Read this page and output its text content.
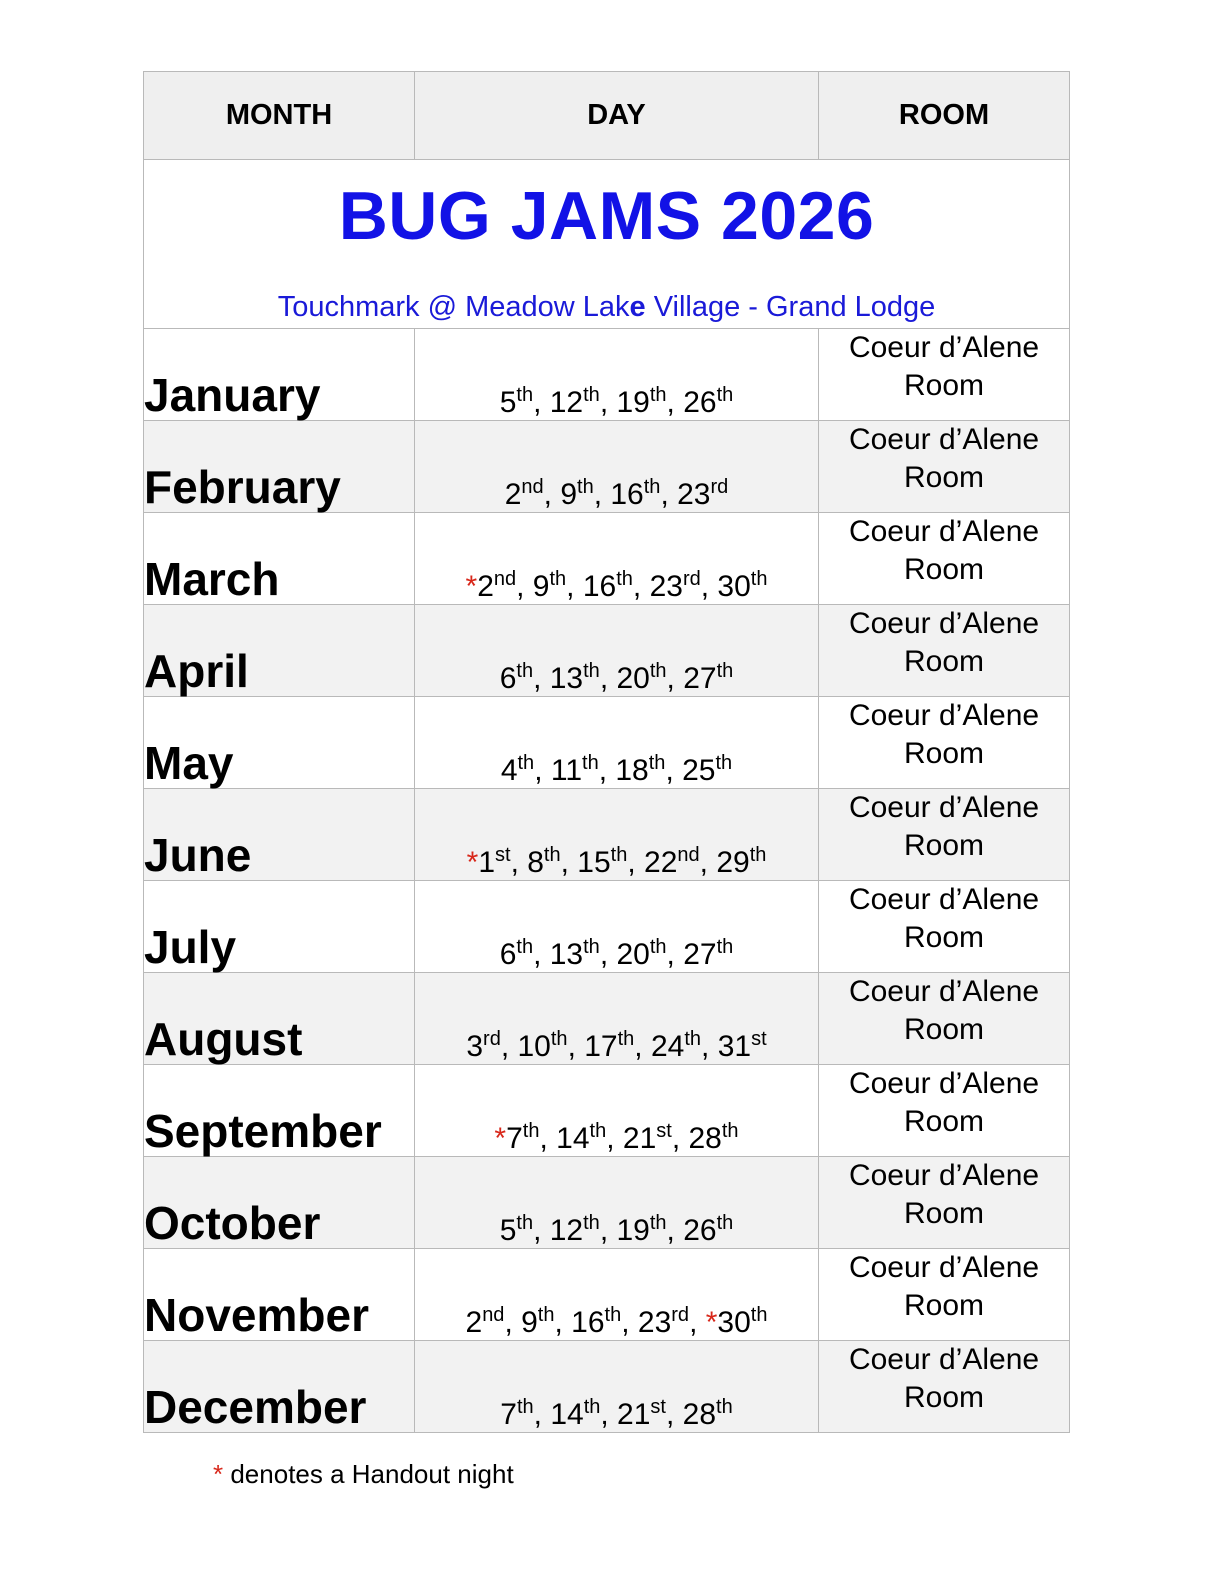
BUG JAMS 2026
Touchmark @ Meadow Lake Village - Grand Lodge		

MONTH	DAY	ROOM
January	5th, 12th, 19th, 26th	Coeur d’Alene
Room

February	2nd, 9th, 16th, 23rd	Coeur d’Alene
Room

March	*2nd, 9th, 16th, 23rd, 30th	Coeur d’Alene
Room

April	6th, 13th, 20th, 27th	Coeur d’Alene
Room

May	4th, 11th, 18th, 25th	Coeur d’Alene
Room

June	*1st, 8th, 15th, 22nd, 29th	Coeur d’Alene
Room

July	6th, 13th, 20th, 27th	Coeur d’Alene
Room

August	3rd, 10th, 17th, 24th, 31st	Coeur d’Alene
Room

September	*7th, 14th, 21st, 28th	Coeur d’Alene
Room

October	5th, 12th, 19th, 26th	Coeur d’Alene
Room

November	2nd, 9th, 16th, 23rd, *30th	Coeur d’Alene
Room

December	7th, 14th, 21st, 28th	Coeur d’Alene
Room
* denotes a Handout night
